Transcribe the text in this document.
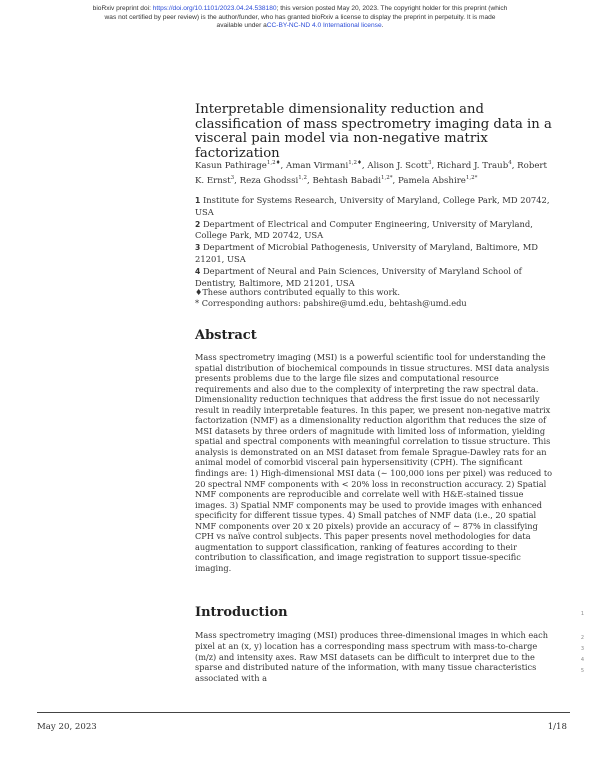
bioRxiv preprint doi: https://doi.org/10.1101/2023.04.24.538180; this version posted May 20, 2023. The copyright holder for this preprint (which
was not certified by peer review) is the author/funder, who has granted bioRxiv a license to display the preprint in perpetuity. It is made
available under aCC-BY-NC-ND 4.0 International license.
Interpretable dimensionality reduction and classification of mass spectrometry imaging data in a visceral pain model via non-negative matrix factorization
Kasun Pathirage$^{1,2♦}$, Aman Virmani$^{1,2♦}$, Alison J. Scott$^3$, Richard J. Traub$^4$, Robert K. Ernst$^3$, Reza Ghodssi$^{1,2}$, Behtash Babadi$^{1,2*}$, Pamela Abshire$^{1,2*}$
1 Institute for Systems Research, University of Maryland, College Park, MD 20742, USA
2 Department of Electrical and Computer Engineering, University of Maryland, College Park, MD 20742, USA
3 Department of Microbial Pathogenesis, University of Maryland, Baltimore, MD 21201, USA
4 Department of Neural and Pain Sciences, University of Maryland School of Dentistry, Baltimore, MD 21201, USA
♦These authors contributed equally to this work.
* Corresponding authors: pabshire@umd.edu, behtash@umd.edu
Abstract
Mass spectrometry imaging (MSI) is a powerful scientific tool for understanding the spatial distribution of biochemical compounds in tissue structures. MSI data analysis presents problems due to the large file sizes and computational resource requirements and also due to the complexity of interpreting the raw spectral data. Dimensionality reduction techniques that address the first issue do not necessarily result in readily interpretable features. In this paper, we present non-negative matrix factorization (NMF) as a dimensionality reduction algorithm that reduces the size of MSI datasets by three orders of magnitude with limited loss of information, yielding spatial and spectral components with meaningful correlation to tissue structure. This analysis is demonstrated on an MSI dataset from female Sprague-Dawley rats for an animal model of comorbid visceral pain hypersensitivity (CPH). The significant findings are: 1) High-dimensional MSI data (∼ 100,000 ions per pixel) was reduced to 20 spectral NMF components with < 20% loss in reconstruction accuracy. 2) Spatial NMF components are reproducible and correlate well with H&E-stained tissue images. 3) Spatial NMF components may be used to provide images with enhanced specificity for different tissue types. 4) Small patches of NMF data (i.e., 20 spatial NMF components over 20 x 20 pixels) provide an accuracy of ∼ 87% in classifying CPH vs naïve control subjects. This paper presents novel methodologies for data augmentation to support classification, ranking of features according to their contribution to classification, and image registration to support tissue-specific imaging.
Introduction
Mass spectrometry imaging (MSI) produces three-dimensional images in which each pixel at an (x, y) location has a corresponding mass spectrum with mass-to-charge (m/z) and intensity axes. Raw MSI datasets can be difficult to interpret due to the sparse and distributed nature of the information, with many tissue characteristics associated with a
1
2
3
4
5
May 20, 2023	1/18
